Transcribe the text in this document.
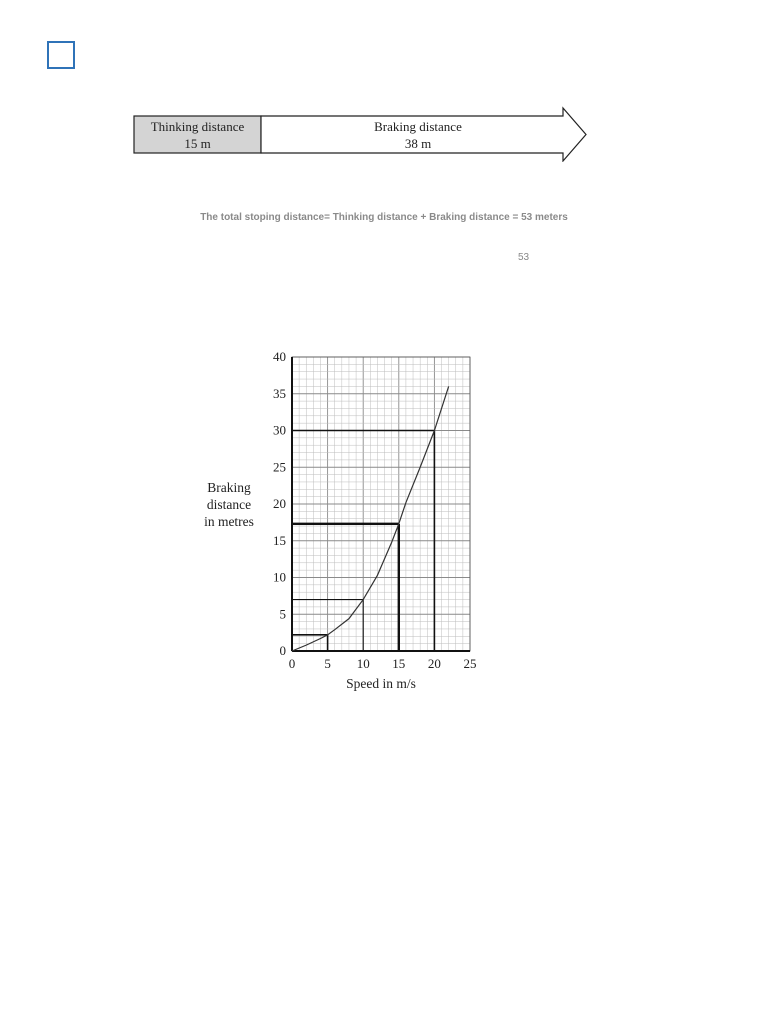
Thinking distance
15 m
Braking distance
38 m
The total stoping distance= Thinking distance + Braking distance = 53 meters
53
0 5 10 15 20 25
0
5
10
15
20
25
30
35
40
Speed in m/s
Braking
distance
in metres
